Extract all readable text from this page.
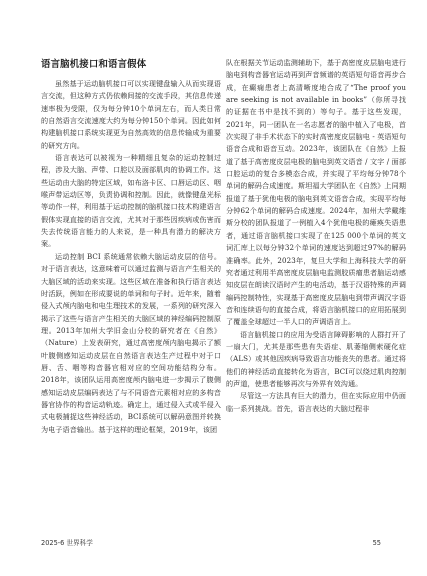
语言脑机接口和语言假体

虽然基于运动脑机接口可以实现键盘输入从而实现语言交流，但这种方式仍依赖间接的交流手段，其信息传递速率极为受限，仅为每分钟10个单词左右，而人类日常的自然语言交流速度大约为每分钟150个单词。因此如何构建脑机接口系统实现更为自然高效的信息传输成为重要的研究方向。

语言表达可以被视为一种精细且复杂的运动控制过程，涉及大脑、声带、口腔以及面部肌肉的协调工作。这些运动由大脑的特定区域，如布洛卡区、口唇运动区、咽喉声带运动区等，负责协调和控制。因此，就像键盘光标等动作一样，利用基于运动控制的脑机接口技术构建语言假体实现直接的语言交流，尤其对于那些因疾病或伤害而失去传统语言能力的人来说，是一种具有潜力的解决方案。

运动控制 BCI 系统通常依赖大脑运动皮层的信号。对于语言表达，这意味着可以通过监测与语言产生相关的大脑区域的活动来实现。这些区域在准备和执行语言表达时活跃，例如在形成要说的单词和句子时。近年来，随着侵入式颅内脑电和电生理技术的发展，一系列的研究深入揭示了这些与语言产生相关的大脑区域的神经编码控制原理。2013年加州大学旧金山分校的研究者在《自然》（Nature）上发表研究，通过高密度颅内脑电揭示了额叶腹侧感知运动皮层在自然语言表达生产过程中对于口唇、舌、咽等构音器官相对应的空间功能结构分布。2018年，该团队运用高密度颅内脑电进一步揭示了腹侧感知运动皮层编码表达了与不同语音元素相对应的多构音器官协作的构音运动轨迹。确定上，通过侵入式或半侵入式电极捕捉这些神经活动，BCI系统可以解码意图并转换为电子语音输出。基于这样的理论框架，2019年，该团

队在根据关节运动监测辅助下，基于高密度皮层脑电进行脑电到构音器官运动再到声音频谱的英语短句语音再步合成，在癫痫患者上高清晰度地合成了“The proof you are seeking is not available in books”（你所寻找的证据在书中是找不到的）等句子。基于这些发现，2021年，同一团队在一名志愿者的脑中植入了电极，首次实现了非手术状态下的实时高密度皮层脑电 - 英语短句语音合成和语音互动。2023年，该团队在《自然》上报道了基于高密度皮层电极的脑电到英文语音 / 文字 / 面部口腔运动的复合多模态合成，并实现了平均每分钟78个单词的解码合成速度。斯坦福大学团队在《自然》上同期报道了基于犹他电极的脑电到英文语音合成，实现平均每分钟62个单词的解码合成速度。2024年，加州大学戴维斯分校的团队报道了一例植入4个犹他电极的瘫痪失语患者，通过语言脑机接口实现了在125 000个单词的英文词汇库上以每分钟32个单词的速度达到超过97%的解码准确率。此外，2023年，复旦大学和上海科技大学的研究者通过利用半高密度皮层脑电监测胶质瘤患者脑运动感知皮层在朗读汉语时产生的电活动，基于汉语特殊的声调编码控制特性，实现基于高密度皮层脑电到带声调汉字语音和连续语句的直接合成，将语言脑机接口的应用拓展到了覆盖全球超过一半人口的声调语言上。

语言脑机接口的应用为受语言障碍影响的人群打开了一扇大门，尤其是那些患有失语症、肌萎缩侧索硬化症（ALS）或其他因疾病导致语言功能丧失的患者。通过将他们的神经活动直接转化为语言，BCI可以绕过肌肉控制的声道，使患者能够再次与外界有效沟通。

尽管这一方法具有巨大的潜力，但在实际应用中仍面临一系列挑战。首先，语言表达的大脑过程非

2025-6 世界科学	55
